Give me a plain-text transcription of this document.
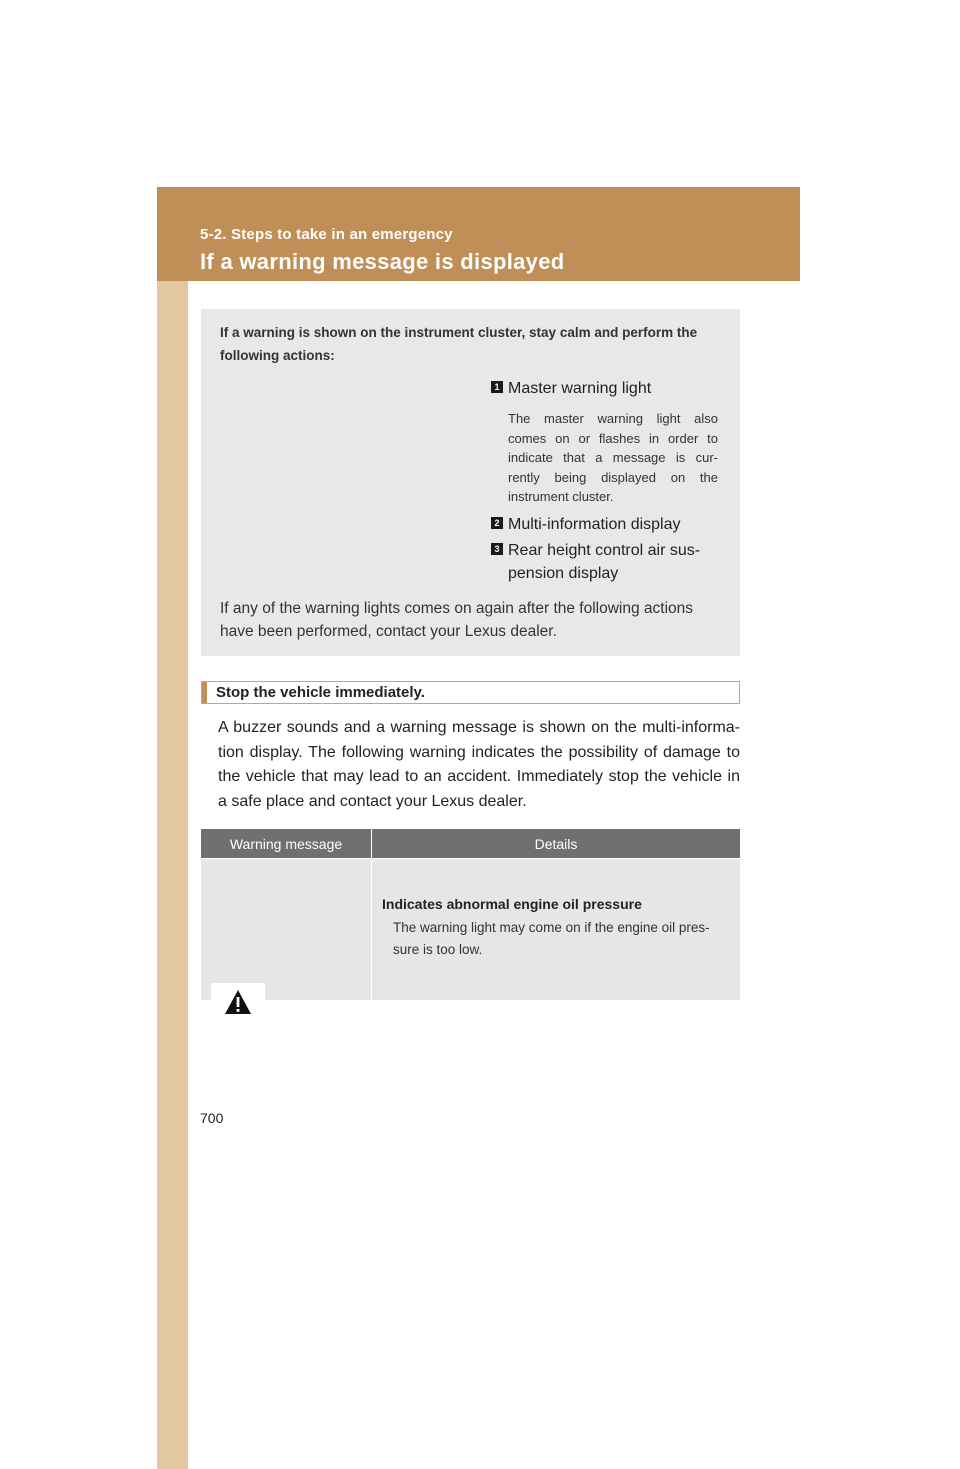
5-2. Steps to take in an emergency
If a warning message is displayed
If a warning is shown on the instrument cluster, stay calm and perform the following actions:
1 Master warning light
The master warning light also comes on or flashes in order to indicate that a message is cur- rently being displayed on the instrument cluster.
2 Multi-information display
3 Rear height control air sus- pension display
If any of the warning lights comes on again after the following actions have been performed, contact your Lexus dealer.
Stop the vehicle immediately.
A buzzer sounds and a warning message is shown on the multi-informa- tion display. The following warning indicates the possibility of damage to the vehicle that may lead to an accident. Immediately stop the vehicle in a safe place and contact your Lexus dealer.
Warning message	Details
Indicates abnormal engine oil pressure
The warning light may come on if the engine oil pres- sure is too low.
700
